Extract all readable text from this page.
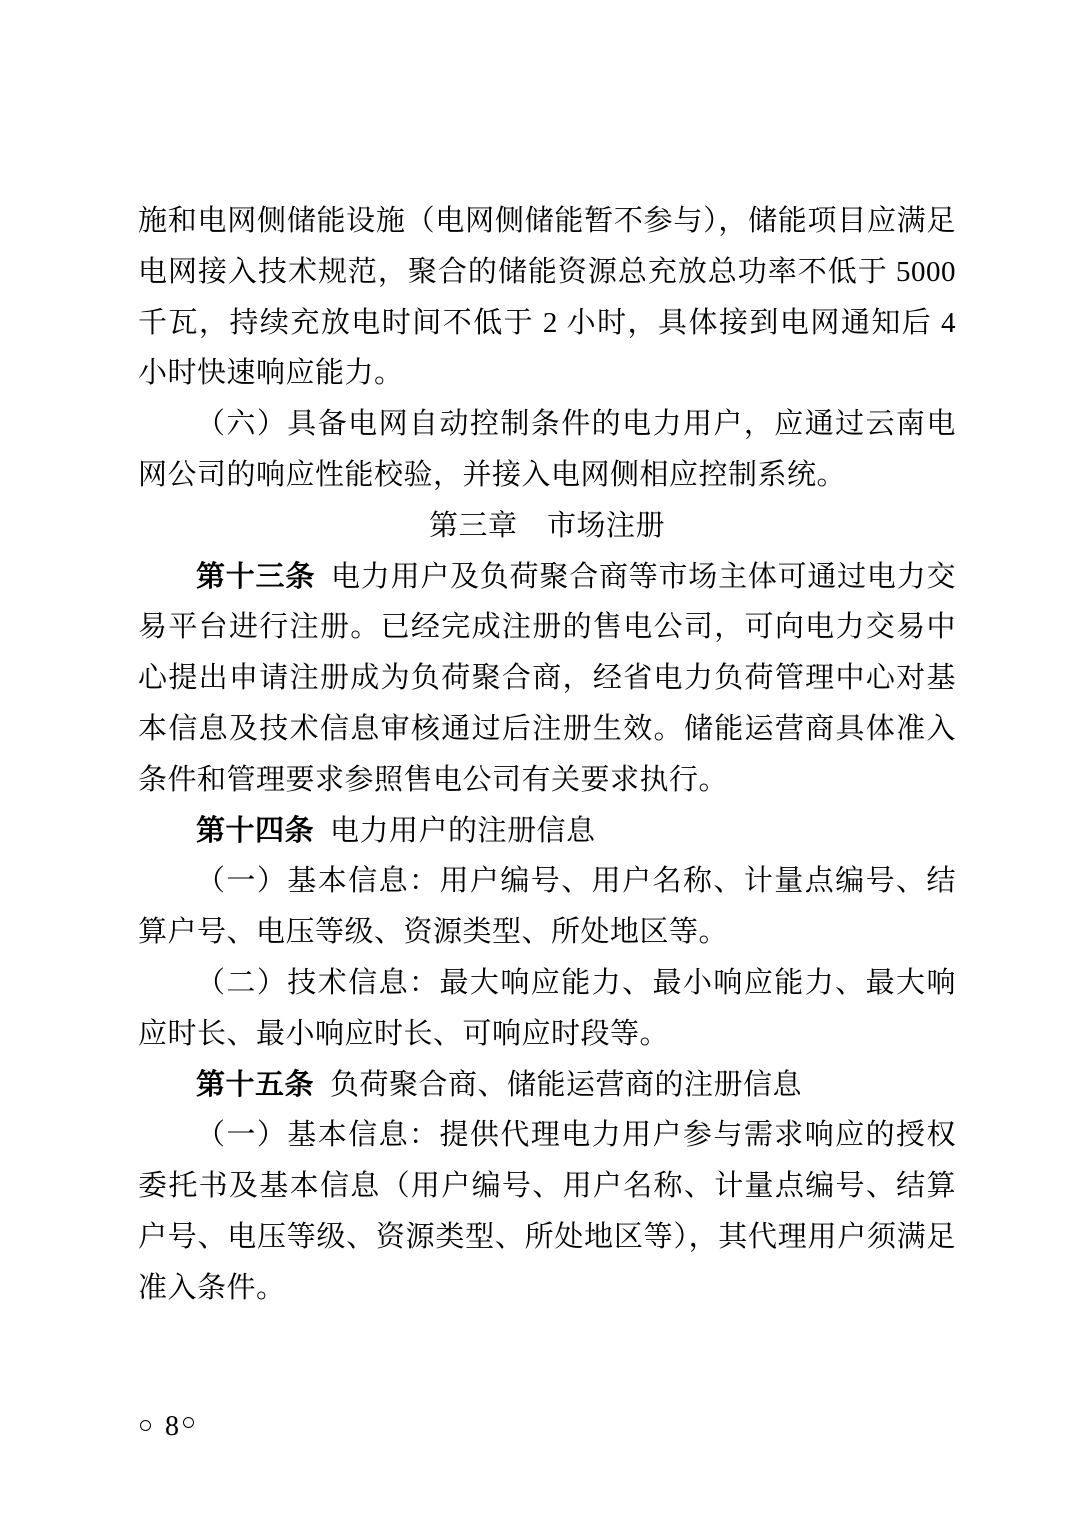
施和电网侧储能设施（电网侧储能暂不参与），储能项目应满足电网接入技术规范，聚合的储能资源总充放总功率不低于 5000 千瓦，持续充放电时间不低于 2 小时，具体接到电网通知后 4 小时快速响应能力。

（六）具备电网自动控制条件的电力用户，应通过云南电网公司的响应性能校验，并接入电网侧相应控制系统。

第三章　市场注册

第十三条 电力用户及负荷聚合商等市场主体可通过电力交易平台进行注册。已经完成注册的售电公司，可向电力交易中心提出申请注册成为负荷聚合商，经省电力负荷管理中心对基本信息及技术信息审核通过后注册生效。储能运营商具体准入条件和管理要求参照售电公司有关要求执行。

第十四条 电力用户的注册信息

（一）基本信息：用户编号、用户名称、计量点编号、结算户号、电压等级、资源类型、所处地区等。

（二）技术信息：最大响应能力、最小响应能力、最大响应时长、最小响应时长、可响应时段等。

第十五条 负荷聚合商、储能运营商的注册信息

（一）基本信息：提供代理电力用户参与需求响应的授权委托书及基本信息（用户编号、用户名称、计量点编号、结算户号、电压等级、资源类型、所处地区等），其代理用户须满足准入条件。

8
